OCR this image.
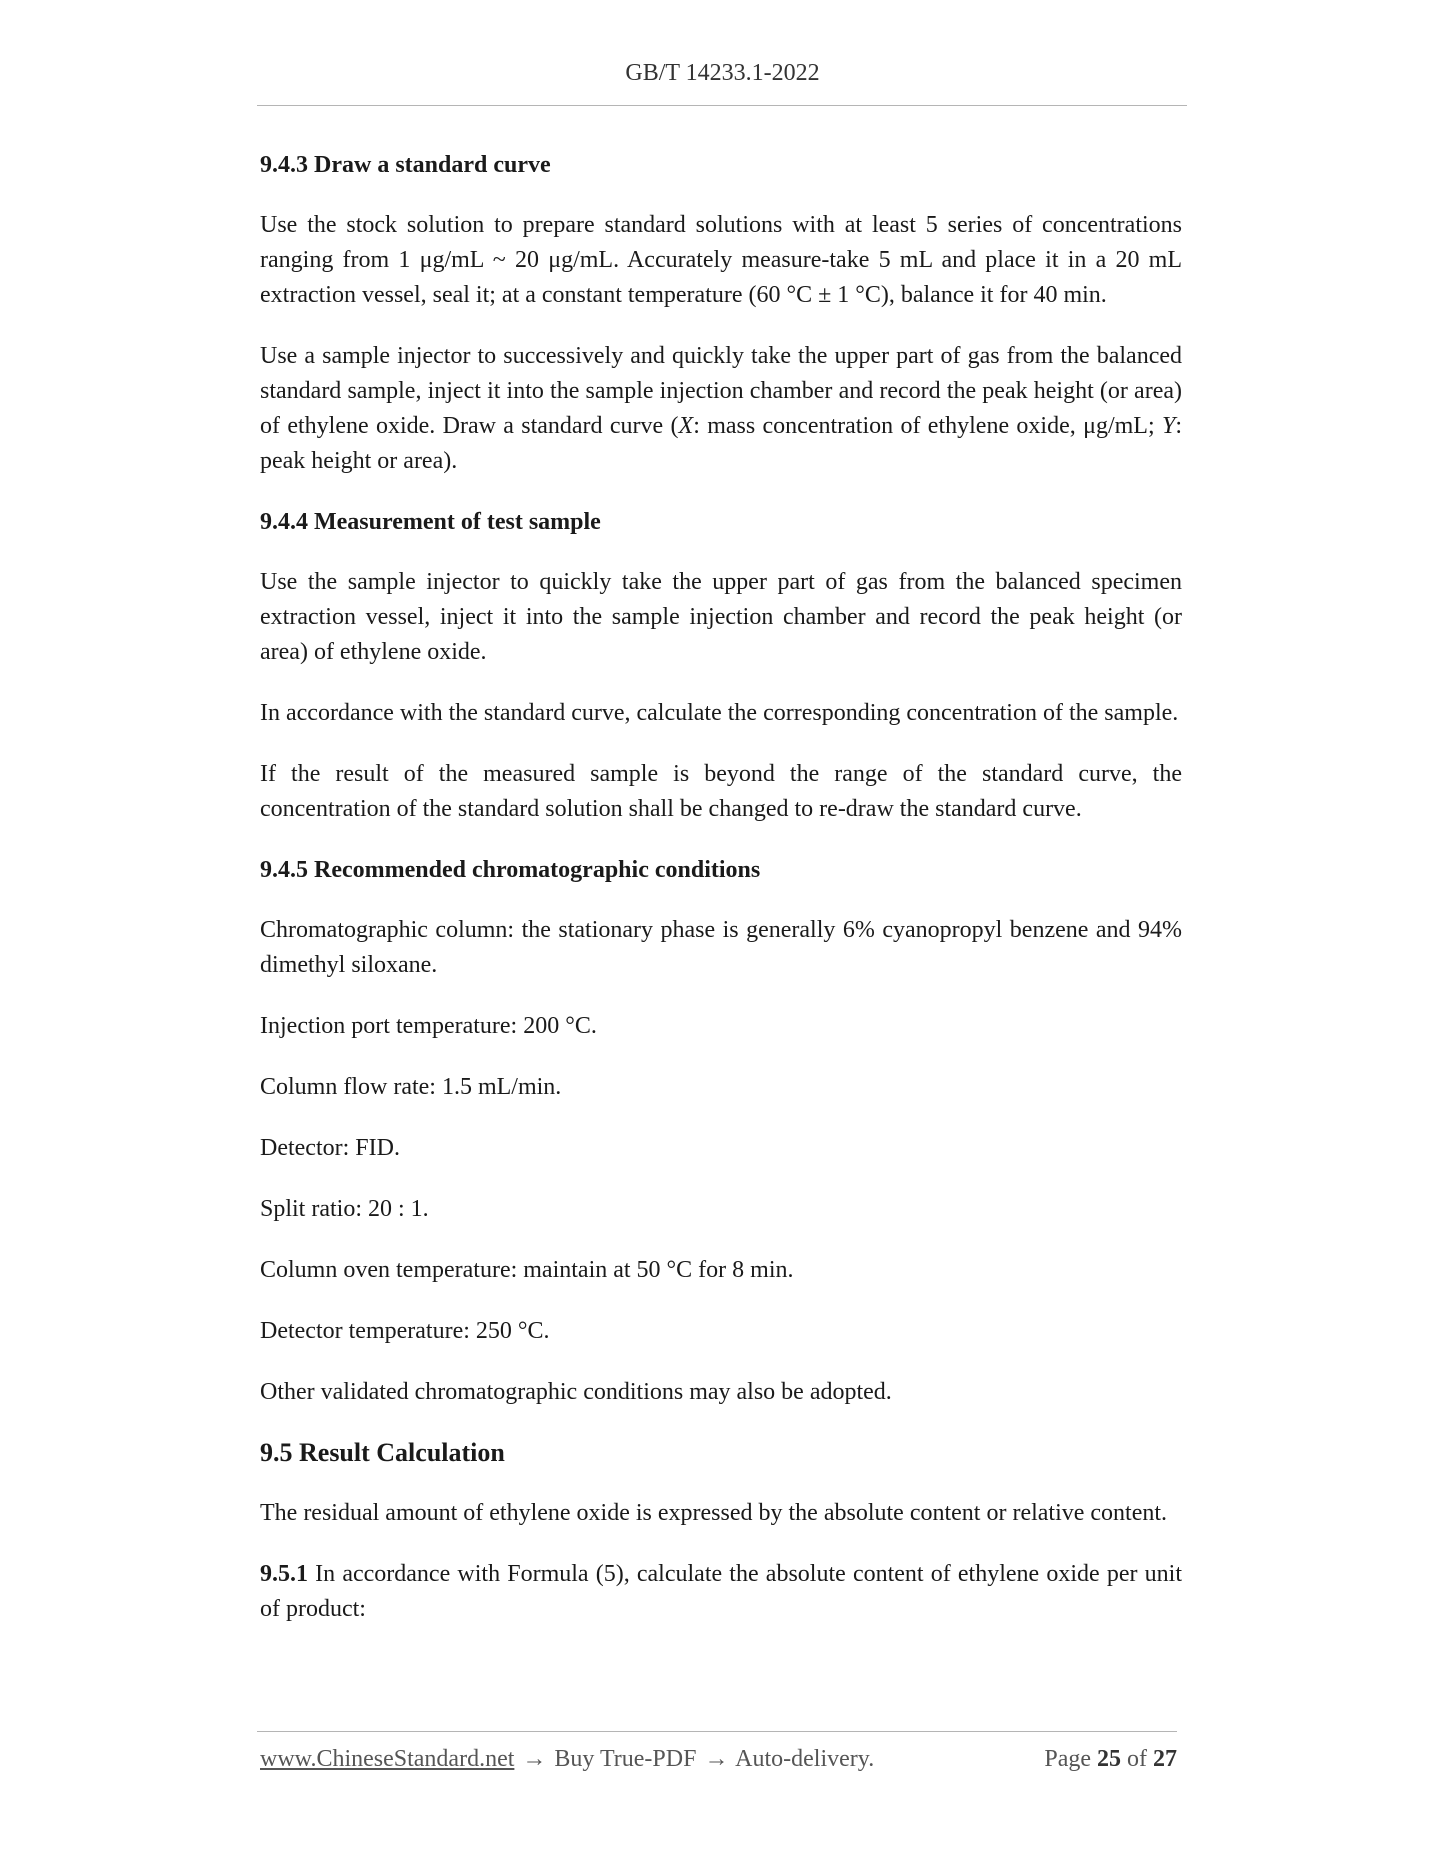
GB/T 14233.1-2022
9.4.3 Draw a standard curve
Use the stock solution to prepare standard solutions with at least 5 series of concentrations ranging from 1 μg/mL ~ 20 μg/mL. Accurately measure-take 5 mL and place it in a 20 mL extraction vessel, seal it; at a constant temperature (60 °C ± 1 °C), balance it for 40 min.
Use a sample injector to successively and quickly take the upper part of gas from the balanced standard sample, inject it into the sample injection chamber and record the peak height (or area) of ethylene oxide. Draw a standard curve (X: mass concentration of ethylene oxide, μg/mL; Y: peak height or area).
9.4.4 Measurement of test sample
Use the sample injector to quickly take the upper part of gas from the balanced specimen extraction vessel, inject it into the sample injection chamber and record the peak height (or area) of ethylene oxide.
In accordance with the standard curve, calculate the corresponding concentration of the sample.
If the result of the measured sample is beyond the range of the standard curve, the concentration of the standard solution shall be changed to re-draw the standard curve.
9.4.5 Recommended chromatographic conditions
Chromatographic column: the stationary phase is generally 6% cyanopropyl benzene and 94% dimethyl siloxane.
Injection port temperature: 200 °C.
Column flow rate: 1.5 mL/min.
Detector: FID.
Split ratio: 20 : 1.
Column oven temperature: maintain at 50 °C for 8 min.
Detector temperature: 250 °C.
Other validated chromatographic conditions may also be adopted.
9.5 Result Calculation
The residual amount of ethylene oxide is expressed by the absolute content or relative content.
9.5.1 In accordance with Formula (5), calculate the absolute content of ethylene oxide per unit of product:
www.ChineseStandard.net → Buy True-PDF → Auto-delivery.	Page 25 of 27
